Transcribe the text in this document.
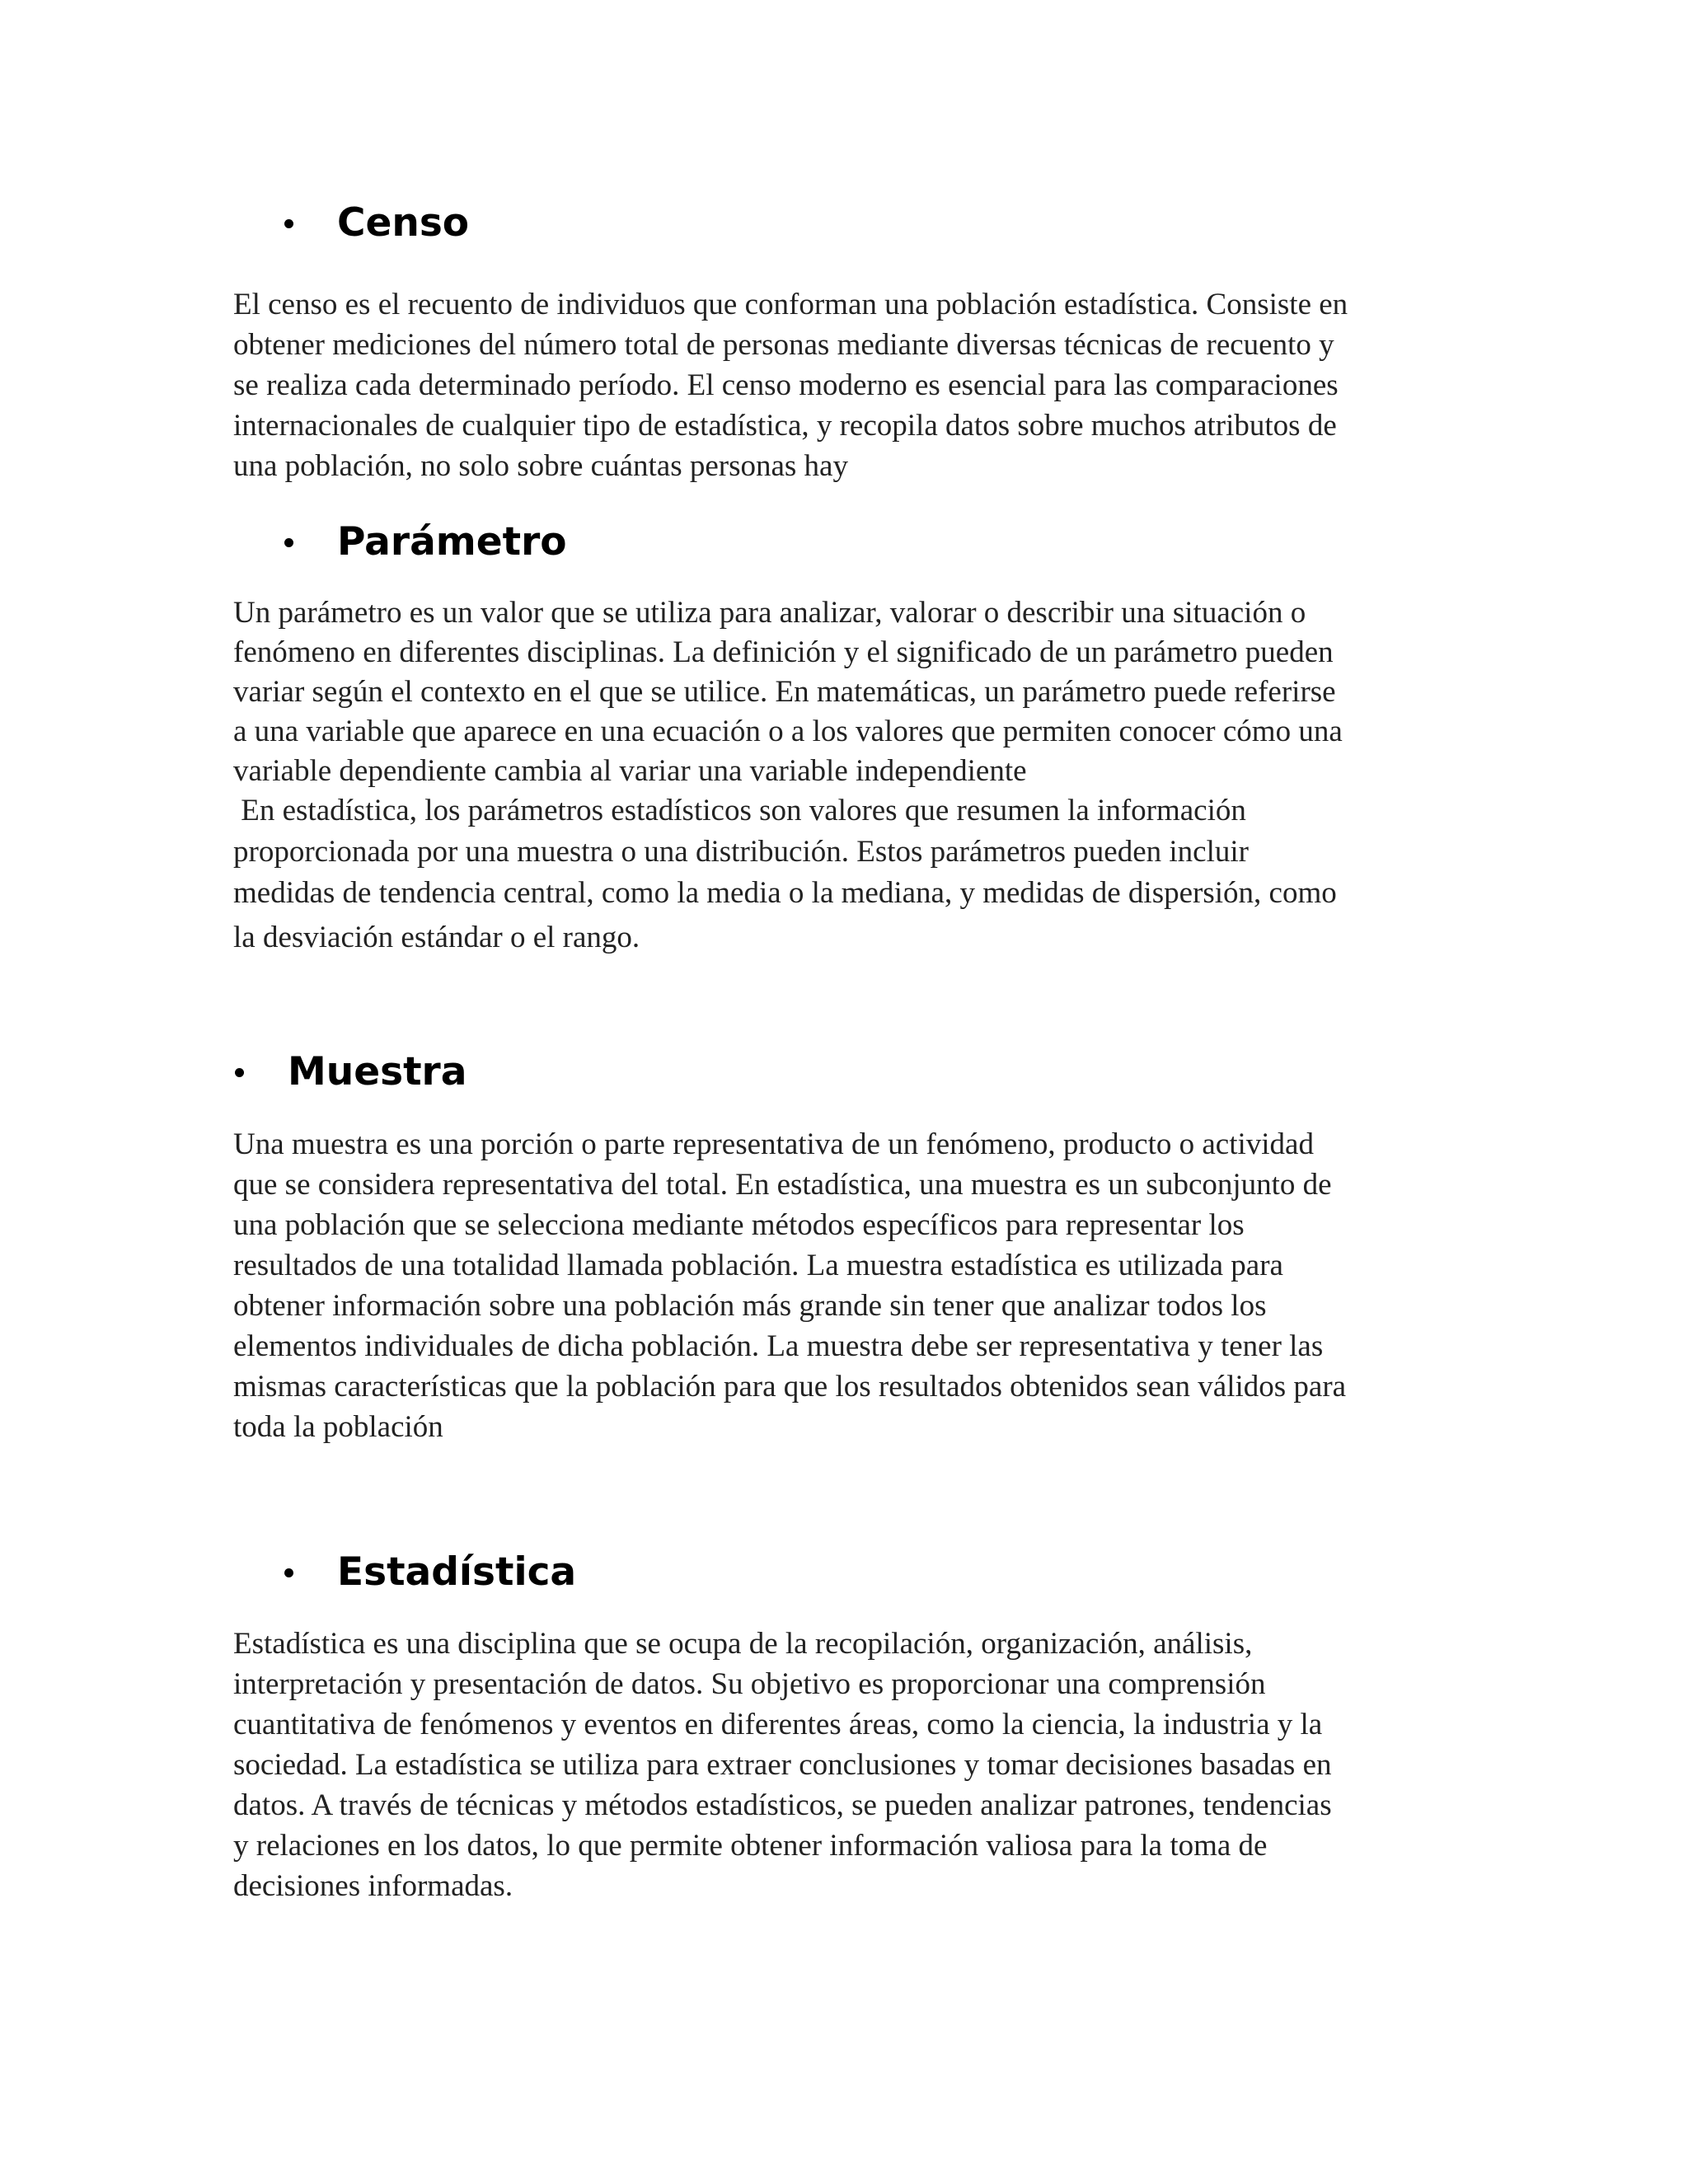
Censo
El censo es el recuento de individuos que conforman una población estadística. Consiste en
obtener mediciones del número total de personas mediante diversas técnicas de recuento y
se realiza cada determinado período. El censo moderno es esencial para las comparaciones
internacionales de cualquier tipo de estadística, y recopila datos sobre muchos atributos de
una población, no solo sobre cuántas personas hay
Parámetro
Un parámetro es un valor que se utiliza para analizar, valorar o describir una situación o
fenómeno en diferentes disciplinas. La definición y el significado de un parámetro pueden
variar según el contexto en el que se utilice. En matemáticas, un parámetro puede referirse
a una variable que aparece en una ecuación o a los valores que permiten conocer cómo una
variable dependiente cambia al variar una variable independiente
En estadística, los parámetros estadísticos son valores que resumen la información
proporcionada por una muestra o una distribución. Estos parámetros pueden incluir
medidas de tendencia central, como la media o la mediana, y medidas de dispersión, como
la desviación estándar o el rango.
Muestra
Una muestra es una porción o parte representativa de un fenómeno, producto o actividad
que se considera representativa del total. En estadística, una muestra es un subconjunto de
una población que se selecciona mediante métodos específicos para representar los
resultados de una totalidad llamada población. La muestra estadística es utilizada para
obtener información sobre una población más grande sin tener que analizar todos los
elementos individuales de dicha población. La muestra debe ser representativa y tener las
mismas características que la población para que los resultados obtenidos sean válidos para
toda la población
Estadística
Estadística es una disciplina que se ocupa de la recopilación, organización, análisis,
interpretación y presentación de datos. Su objetivo es proporcionar una comprensión
cuantitativa de fenómenos y eventos en diferentes áreas, como la ciencia, la industria y la
sociedad. La estadística se utiliza para extraer conclusiones y tomar decisiones basadas en
datos. A través de técnicas y métodos estadísticos, se pueden analizar patrones, tendencias
y relaciones en los datos, lo que permite obtener información valiosa para la toma de
decisiones informadas.
